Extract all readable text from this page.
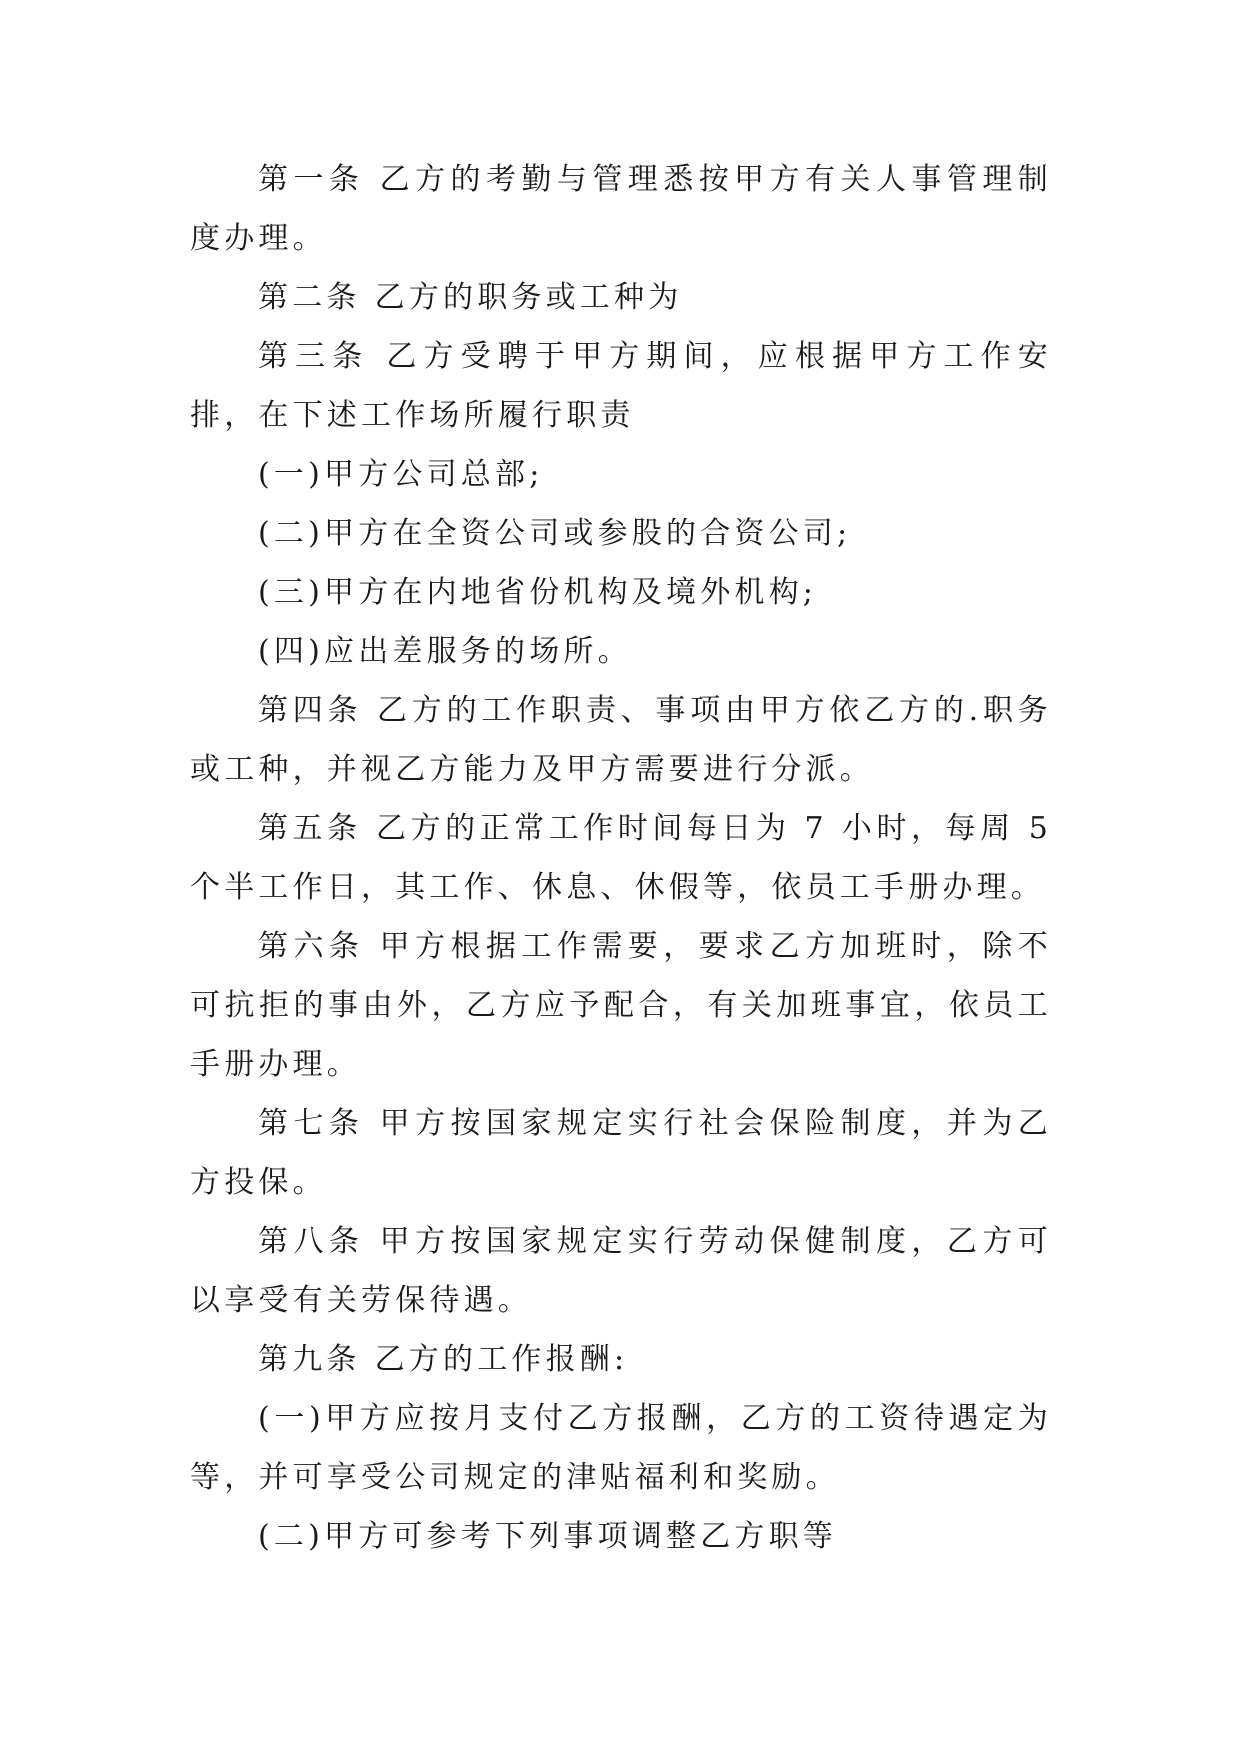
第一条 乙方的考勤与管理悉按甲方有关人事管理制度办理。

第二条 乙方的职务或工种为

第三条 乙方受聘于甲方期间，应根据甲方工作安排，在下述工作场所履行职责

(一)甲方公司总部;

(二)甲方在全资公司或参股的合资公司;

(三)甲方在内地省份机构及境外机构;

(四)应出差服务的场所。

第四条 乙方的工作职责、事项由甲方依乙方的.职务或工种，并视乙方能力及甲方需要进行分派。

第五条 乙方的正常工作时间每日为 7 小时，每周 5 个半工作日，其工作、休息、休假等，依员工手册办理。

第六条 甲方根据工作需要，要求乙方加班时，除不可抗拒的事由外，乙方应予配合，有关加班事宜，依员工手册办理。

第七条 甲方按国家规定实行社会保险制度，并为乙方投保。

第八条 甲方按国家规定实行劳动保健制度，乙方可以享受有关劳保待遇。

第九条 乙方的工作报酬:

(一)甲方应按月支付乙方报酬，乙方的工资待遇定为等，并可享受公司规定的津贴福利和奖励。

(二)甲方可参考下列事项调整乙方职等
